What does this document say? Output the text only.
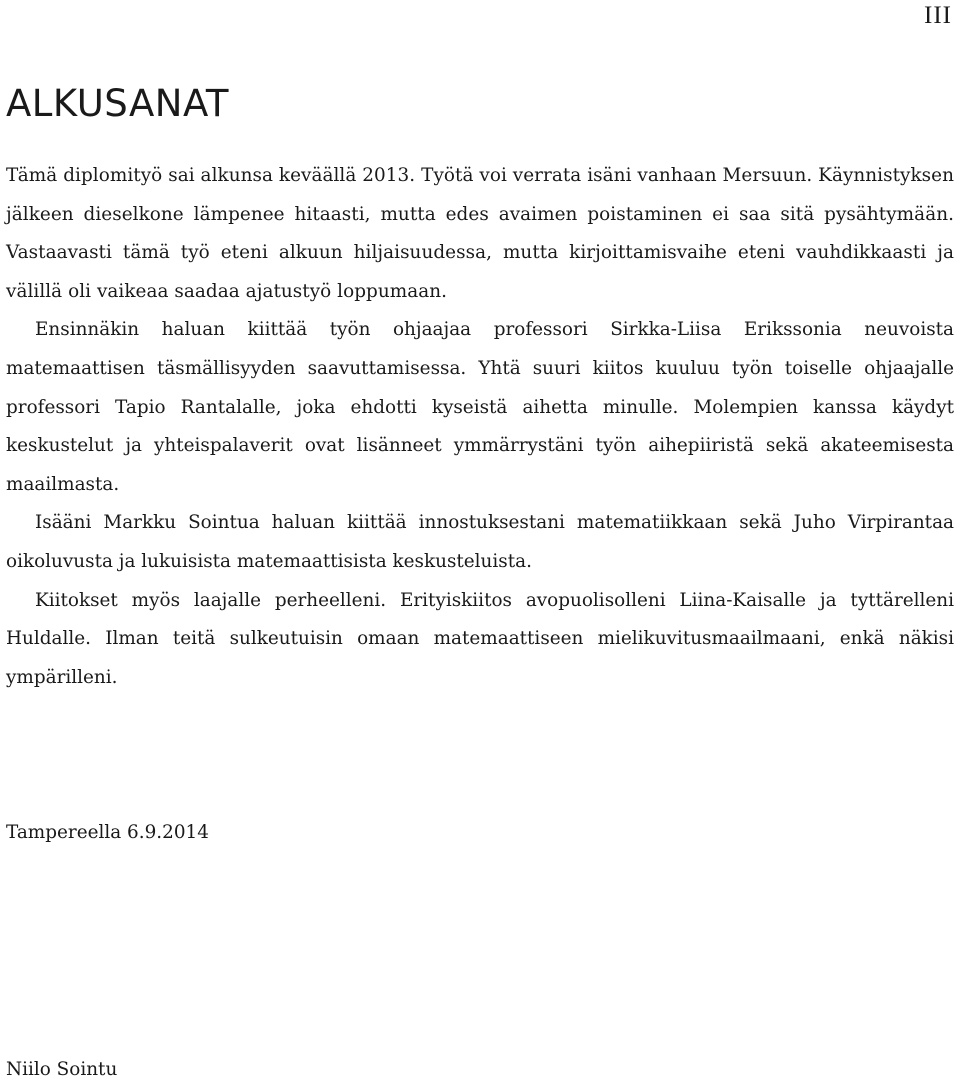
III
ALKUSANAT

Tämä diplomityö sai alkunsa keväällä 2013. Työtä voi verrata isäni vanhaan Mersuun. Käynnistyksen jälkeen dieselkone lämpenee hitaasti, mutta edes avaimen poistaminen ei saa sitä pysähtymään. Vastaavasti tämä työ eteni alkuun hiljaisuudessa, mutta kirjoittamisvaihe eteni vauhdikkaasti ja välillä oli vaikeaa saadaa ajatustyö loppumaan.

Ensinnäkin haluan kiittää työn ohjaajaa professori Sirkka-Liisa Erikssonia neuvoista matemaattisen täsmällisyyden saavuttamisessa. Yhtä suuri kiitos kuuluu työn toiselle ohjaajalle professori Tapio Rantalalle, joka ehdotti kyseistä aihetta minulle. Molempien kanssa käydyt keskustelut ja yhteispalaverit ovat lisänneet ymmärrystäni työn aihepiiristä sekä akateemisesta maailmasta.

Isääni Markku Sointua haluan kiittää innostuksestani matematiikkaan sekä Juho Virpirantaa oikoluvusta ja lukuisista matemaattisista keskusteluista.

Kiitokset myös laajalle perheelleni. Erityiskiitos avopuolisolleni Liina-Kaisalle ja tyttärelleni Huldalle. Ilman teitä sulkeutuisin omaan matemaattiseen mielikuvitusmaailmaani, enkä näkisi ympärilleni.

Tampereella 6.9.2014

Niilo Sointu
